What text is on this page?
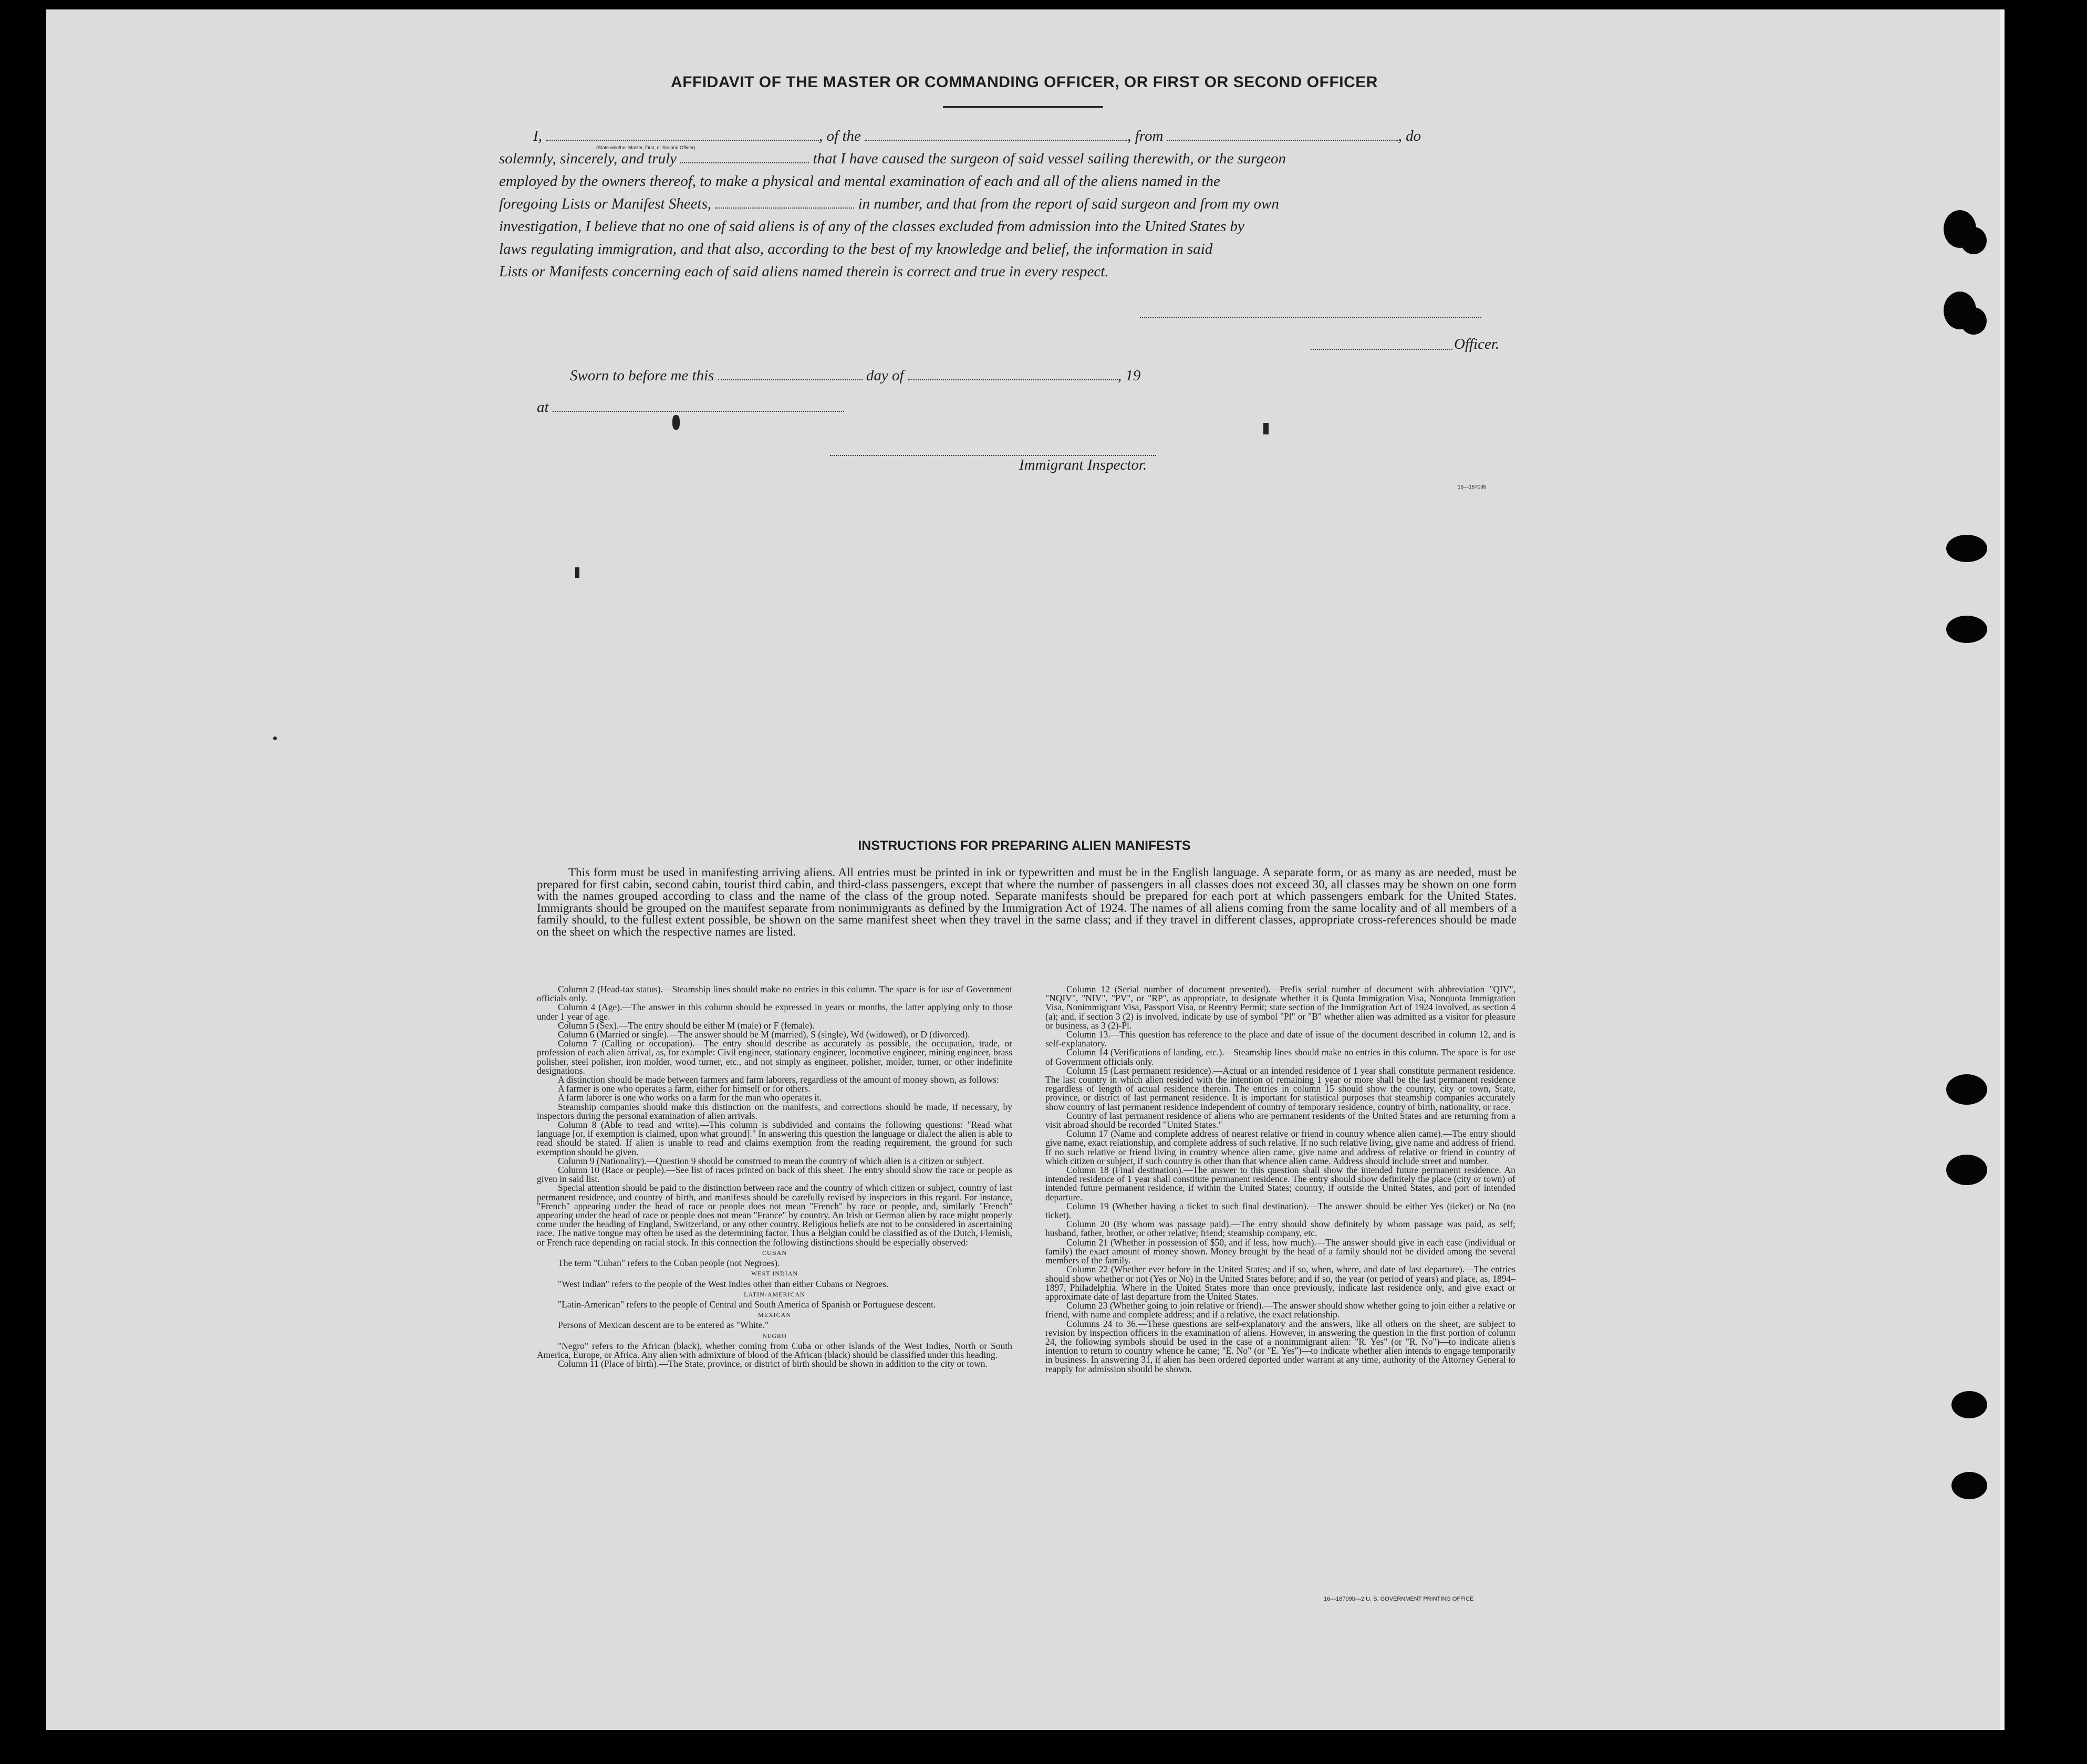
AFFIDAVIT OF THE MASTER OR COMMANDING OFFICER, OR FIRST OR SECOND OFFICER
I,	, of the	, from	, do
(State whether Master, First, or Second Officer)
solemnly, sincerely, and truly	that I have caused the surgeon of said vessel sailing therewith, or the surgeon
employed by the owners thereof, to make a physical and mental examination of each and all of the aliens named in the
foregoing Lists or Manifest Sheets,	in number, and that from the report of said surgeon and from my own
investigation, I believe that no one of said aliens is of any of the classes excluded from admission into the United States by
laws regulating immigration, and that also, according to the best of my knowledge and belief, the information in said
Lists or Manifests concerning each of said aliens named therein is correct and true in every respect.
Officer.
Sworn to before me this	day of	, 19
at
Immigrant Inspector.
16—18709b
INSTRUCTIONS FOR PREPARING ALIEN MANIFESTS
This form must be used in manifesting arriving aliens. All entries must be printed in ink or typewritten and must be in the English language. A separate form, or as many as are needed, must be prepared for first cabin, second cabin, tourist third cabin, and third-class passengers, except that where the number of passengers in all classes does not exceed 30, all classes may be shown on one form with the names grouped according to class and the name of the class of the group noted. Separate manifests should be prepared for each port at which passengers embark for the United States. Immigrants should be grouped on the manifest separate from nonimmigrants as defined by the Immigration Act of 1924. The names of all aliens coming from the same locality and of all members of a family should, to the fullest extent possible, be shown on the same manifest sheet when they travel in the same class; and if they travel in different classes, appropriate cross-references should be made on the sheet on which the respective names are listed.

Column 2 (Head-tax status).—Steamship lines should make no entries in this column. The space is for use of Government officials only.

Column 4 (Age).—The answer in this column should be expressed in years or months, the latter applying only to those under 1 year of age.

Column 5 (Sex).—The entry should be either M (male) or F (female).

Column 6 (Married or single).—The answer should be M (married), S (single), Wd (widowed), or D (divorced).

Column 7 (Calling or occupation).—The entry should describe as accurately as possible, the occupation, trade, or profession of each alien arrival, as, for example: Civil engineer, stationary engineer, locomotive engineer, mining engineer, brass polisher, steel polisher, iron molder, wood turner, etc., and not simply as engineer, polisher, molder, turner, or other indefinite designations.

A distinction should be made between farmers and farm laborers, regardless of the amount of money shown, as follows:

A farmer is one who operates a farm, either for himself or for others.

A farm laborer is one who works on a farm for the man who operates it.

Steamship companies should make this distinction on the manifests, and corrections should be made, if necessary, by inspectors during the personal examination of alien arrivals.

Column 8 (Able to read and write).—This column is subdivided and contains the following questions: "Read what language [or, if exemption is claimed, upon what ground]." In answering this question the language or dialect the alien is able to read should be stated. If alien is unable to read and claims exemption from the reading requirement, the ground for such exemption should be given.

Column 9 (Nationality).—Question 9 should be construed to mean the country of which alien is a citizen or subject.

Column 10 (Race or people).—See list of races printed on back of this sheet. The entry should show the race or people as given in said list.

Special attention should be paid to the distinction between race and the country of which citizen or subject, country of last permanent residence, and country of birth, and manifests should be carefully revised by inspectors in this regard. For instance, "French" appearing under the head of race or people does not mean "French" by race or people, and, similarly "French" appearing under the head of race or people does not mean "France" by country. An Irish or German alien by race might properly come under the heading of England, Switzerland, or any other country. Religious beliefs are not to be considered in ascertaining race. The native tongue may often be used as the determining factor. Thus a Belgian could be classified as of the Dutch, Flemish, or French race depending on racial stock. In this connection the following distinctions should be especially observed:

CUBAN

The term "Cuban" refers to the Cuban people (not Negroes).

WEST INDIAN

"West Indian" refers to the people of the West Indies other than either Cubans or Negroes.

LATIN-AMERICAN

"Latin-American" refers to the people of Central and South America of Spanish or Portuguese descent.

MEXICAN

Persons of Mexican descent are to be entered as "White."

NEGRO

"Negro" refers to the African (black), whether coming from Cuba or other islands of the West Indies, North or South America, Europe, or Africa. Any alien with admixture of blood of the African (black) should be classified under this heading.

Column 11 (Place of birth).—The State, province, or district of birth should be shown in addition to the city or town.

Column 12 (Serial number of document presented).—Prefix serial number of document with abbreviation "QIV", "NQIV", "NIV", "PV", or "RP", as appropriate, to designate whether it is Quota Immigration Visa, Nonquota Immigration Visa, Nonimmigrant Visa, Passport Visa, or Reentry Permit; state section of the Immigration Act of 1924 involved, as section 4 (a); and, if section 3 (2) is involved, indicate by use of symbol "Pl" or "B" whether alien was admitted as a visitor for pleasure or business, as 3 (2)-Pl.

Column 13.—This question has reference to the place and date of issue of the document described in column 12, and is self-explanatory.

Column 14 (Verifications of landing, etc.).—Steamship lines should make no entries in this column. The space is for use of Government officials only.

Column 15 (Last permanent residence).—Actual or an intended residence of 1 year shall constitute permanent residence. The last country in which alien resided with the intention of remaining 1 year or more shall be the last permanent residence regardless of length of actual residence therein. The entries in column 15 should show the country, city or town, State, province, or district of last permanent residence. It is important for statistical purposes that steamship companies accurately show country of last permanent residence independent of country of temporary residence, country of birth, nationality, or race.

Country of last permanent residence of aliens who are permanent residents of the United States and are returning from a visit abroad should be recorded "United States."

Column 17 (Name and complete address of nearest relative or friend in country whence alien came).—The entry should give name, exact relationship, and complete address of such relative. If no such relative living, give name and address of friend. If no such relative or friend living in country whence alien came, give name and address of relative or friend in country of which citizen or subject, if such country is other than that whence alien came. Address should include street and number.

Column 18 (Final destination).—The answer to this question shall show the intended future permanent residence. An intended residence of 1 year shall constitute permanent residence. The entry should show definitely the place (city or town) of intended future permanent residence, if within the United States; country, if outside the United States, and port of intended departure.

Column 19 (Whether having a ticket to such final destination).—The answer should be either Yes (ticket) or No (no ticket).

Column 20 (By whom was passage paid).—The entry should show definitely by whom passage was paid, as self; husband, father, brother, or other relative; friend; steamship company, etc.

Column 21 (Whether in possession of $50, and if less, how much).—The answer should give in each case (individual or family) the exact amount of money shown. Money brought by the head of a family should not be divided among the several members of the family.

Column 22 (Whether ever before in the United States; and if so, when, where, and date of last departure).—The entries should show whether or not (Yes or No) in the United States before; and if so, the year (or period of years) and place, as, 1894–1897, Philadelphia. Where in the United States more than once previously, indicate last residence only, and give exact or approximate date of last departure from the United States.

Column 23 (Whether going to join relative or friend).—The answer should show whether going to join either a relative or friend, with name and complete address; and if a relative, the exact relationship.

Columns 24 to 36.—These questions are self-explanatory and the answers, like all others on the sheet, are subject to revision by inspection officers in the examination of aliens. However, in answering the question in the first portion of column 24, the following symbols should be used in the case of a nonimmigrant alien: "R. Yes" (or "R. No")—to indicate alien's intention to return to country whence he came; "E. No" (or "E. Yes")—to indicate whether alien intends to engage temporarily in business. In answering 31, if alien has been ordered deported under warrant at any time, authority of the Attorney General to reapply for admission should be shown.

16—18709b—2 U. S. GOVERNMENT PRINTING OFFICE
